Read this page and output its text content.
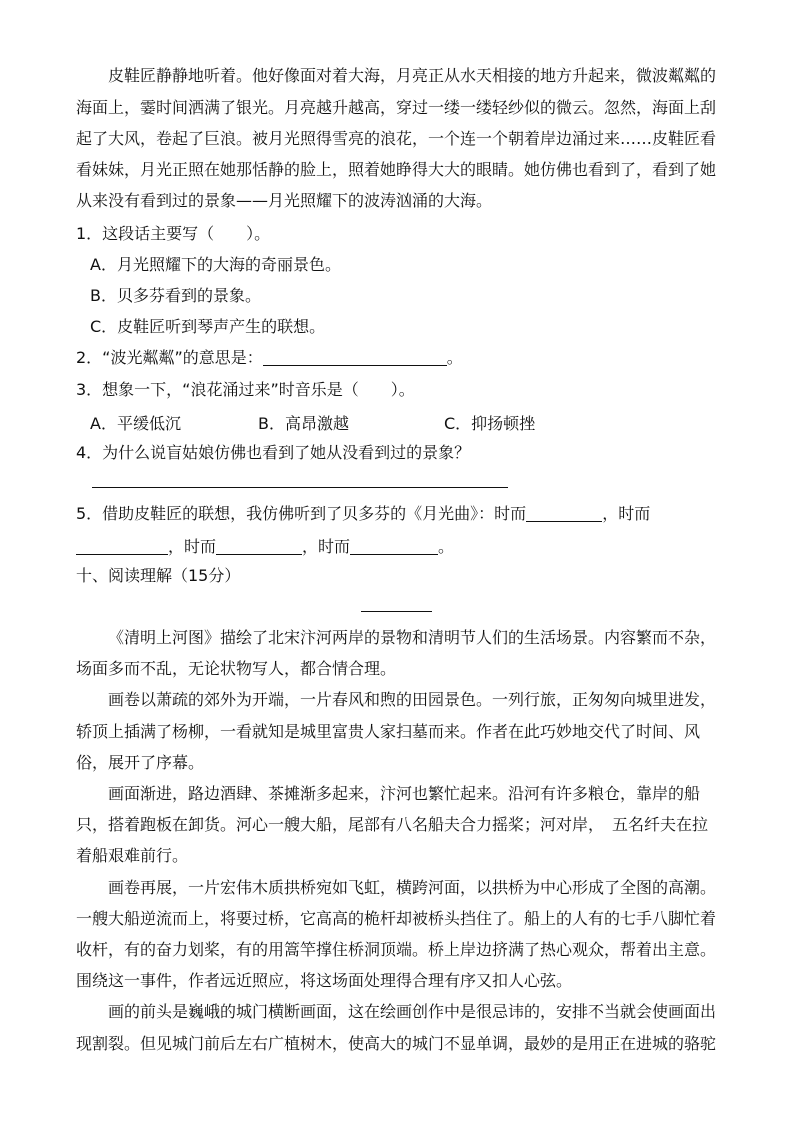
皮鞋匠静静地听着。他好像面对着大海，月亮正从水天相接的地方升起来，微波粼粼的
海面上，霎时间洒满了银光。月亮越升越高，穿过一缕一缕轻纱似的微云。忽然，海面上刮
起了大风，卷起了巨浪。被月光照得雪亮的浪花，一个连一个朝着岸边涌过来……皮鞋匠看
看妹妹，月光正照在她那恬静的脸上，照着她睁得大大的眼睛。她仿佛也看到了，看到了她
从来没有看到过的景象——月光照耀下的波涛汹涌的大海。
1．这段话主要写（　　）。
A．月光照耀下的大海的奇丽景色。
B．贝多芬看到的景象。
C．皮鞋匠听到琴声产生的联想。
2．“波光粼粼”的意思是：	。
3．想象一下，“浪花涌过来”时音乐是（　　）。
A．平缓低沉	B．高昂激越	C．抑扬顿挫
4．为什么说盲姑娘仿佛也看到了她从没看到过的景象？
5．借助皮鞋匠的联想，我仿佛听到了贝多芬的《月光曲》：时而	，时而
，时而	，时而	。
十、阅读理解（15分）
《清明上河图》描绘了北宋汴河两岸的景物和清明节人们的生活场景。内容繁而不杂，
场面多而不乱，无论状物写人，都合情合理。
画卷以萧疏的郊外为开端，一片春风和煦的田园景色。一列行旅，正匆匆向城里进发，
轿顶上插满了杨柳，一看就知是城里富贵人家扫墓而来。作者在此巧妙地交代了时间、风
俗，展开了序幕。
画面渐进，路边酒肆、茶摊渐多起来，汴河也繁忙起来。沿河有许多粮仓，靠岸的船
只，搭着跑板在卸货。河心一艘大船，尾部有八名船夫合力摇桨；河对岸，　五名纤夫在拉
着船艰难前行。
画卷再展，一片宏伟木质拱桥宛如飞虹，横跨河面，以拱桥为中心形成了全图的高潮。
一艘大船逆流而上，将要过桥，它高高的桅杆却被桥头挡住了。船上的人有的七手八脚忙着
收杆，有的奋力划桨，有的用篙竿撑住桥洞顶端。桥上岸边挤满了热心观众，帮着出主意。
围绕这一事件，作者远近照应，将这场面处理得合理有序又扣人心弦。
画的前头是巍峨的城门横断画面，这在绘画创作中是很忌讳的，安排不当就会使画面出
现割裂。但见城门前后左右广植树木，使高大的城门不显单调，最妙的是用正在进城的骆驼
